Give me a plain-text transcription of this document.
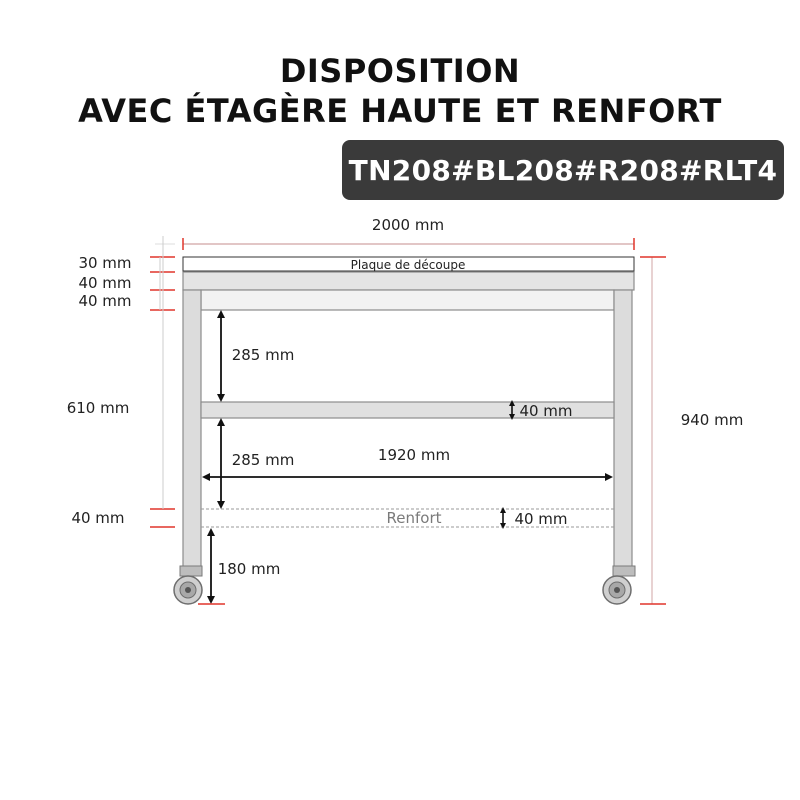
DISPOSITION
AVEC ÉTAGÈRE HAUTE ET RENFORT
TN208#BL208#R208#RLT4
2000 mm
Plaque de découpe
Renfort
30 mm
40 mm
40 mm
610 mm
40 mm
285 mm
40 mm
285 mm	1920 mm
40 mm
180 mm
940 mm
